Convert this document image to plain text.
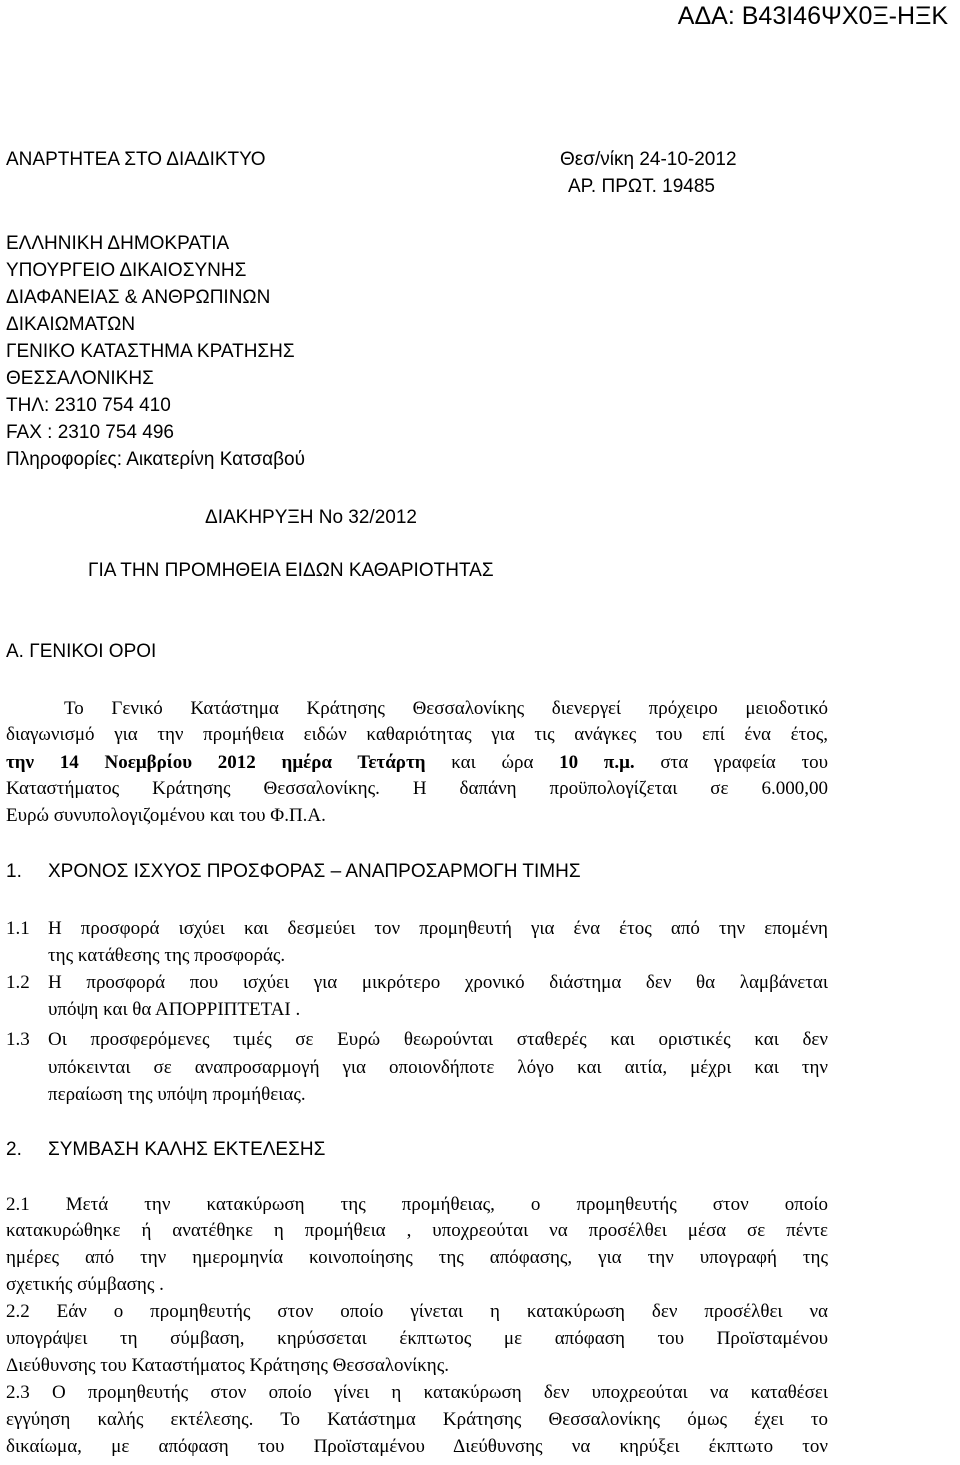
ΑΔΑ: Β43Ι46ΨΧ0Ξ-ΗΞΚ
ΑΝΑΡΤΗΤΕΑ ΣΤΟ ΔΙΑΔΙΚΤΥΟ	Θεσ/νίκη 24-10-2012
ΑΡ. ΠΡΩΤ. 19485
ΕΛΛΗΝΙΚΗ ΔΗΜΟΚΡΑΤΙΑ
ΥΠΟΥΡΓΕΙΟ ΔΙΚΑΙΟΣΥΝΗΣ
ΔΙΑΦΑΝΕΙΑΣ & ΑΝΘΡΩΠΙΝΩΝ
ΔΙΚΑΙΩΜΑΤΩΝ
ΓΕΝΙΚΟ ΚΑΤΑΣΤΗΜΑ ΚΡΑΤΗΣΗΣ
ΘΕΣΣΑΛΟΝΙΚΗΣ
ΤΗΛ: 2310 754 410
FAX : 2310 754 496
Πληροφορίες: Αικατερίνη Κατσαβού
ΔΙΑΚΗΡΥΞΗ Νο 32/2012
ΓΙΑ ΤΗΝ ΠΡΟΜΗΘΕΙΑ ΕΙΔΩΝ ΚΑΘΑΡΙΟΤΗΤΑΣ
Α. ΓΕΝΙΚΟΙ ΟΡΟΙ
Το Γενικό Κατάστημα Κράτησης Θεσσαλονίκης διενεργεί πρόχειρο μειοδοτικό
διαγωνισμό για την προμήθεια ειδών καθαριότητας για τις ανάγκες του επί ένα έτος,
την 14 Νοεμβρίου 2012 ημέρα Τετάρτη και ώρα 10 π.μ. στα γραφεία του
Καταστήματος Κράτησης Θεσσαλονίκης. Η δαπάνη προϋπολογίζεται σε 6.000,00
Ευρώ συνυπολογιζομένου και του Φ.Π.Α.
1. ΧΡΟΝΟΣ ΙΣΧΥΟΣ ΠΡΟΣΦΟΡΑΣ – ΑΝΑΠΡΟΣΑΡΜΟΓΗ ΤΙΜΗΣ
1.1 Η προσφορά ισχύει και δεσμεύει τον προμηθευτή για ένα έτος από την επομένη
της κατάθεσης της προσφοράς.
1.2 Η προσφορά που ισχύει για μικρότερο χρονικό διάστημα δεν θα λαμβάνεται
υπόψη και θα ΑΠΟΡΡΙΠΤΕΤΑΙ .
1.3 Οι προσφερόμενες τιμές σε Ευρώ θεωρούνται σταθερές και οριστικές και δεν
υπόκεινται σε αναπροσαρμογή για οποιονδήποτε λόγο και αιτία, μέχρι και την
περαίωση της υπόψη προμήθειας.
2. ΣΥΜΒΑΣΗ ΚΑΛΗΣ ΕΚΤΕΛΕΣΗΣ
2.1 Μετά την κατακύρωση της προμήθειας, ο προμηθευτής στον οποίο
κατακυρώθηκε ή ανατέθηκε η προμήθεια , υποχρεούται να προσέλθει μέσα σε πέντε
ημέρες από την ημερομηνία κοινοποίησης της απόφασης, για την υπογραφή της
σχετικής σύμβασης .
2.2 Εάν ο προμηθευτής στον οποίο γίνεται η κατακύρωση δεν προσέλθει να
υπογράψει τη σύμβαση, κηρύσσεται έκπτωτος με απόφαση του Προϊσταμένου
Διεύθυνσης του Καταστήματος Κράτησης Θεσσαλονίκης.
2.3 Ο προμηθευτής στον οποίο γίνει η κατακύρωση δεν υποχρεούται να καταθέσει
εγγύηση καλής εκτέλεσης. Το Κατάστημα Κράτησης Θεσσαλονίκης όμως έχει το
δικαίωμα, με απόφαση του Προϊσταμένου Διεύθυνσης να κηρύξει έκπτωτο τον
